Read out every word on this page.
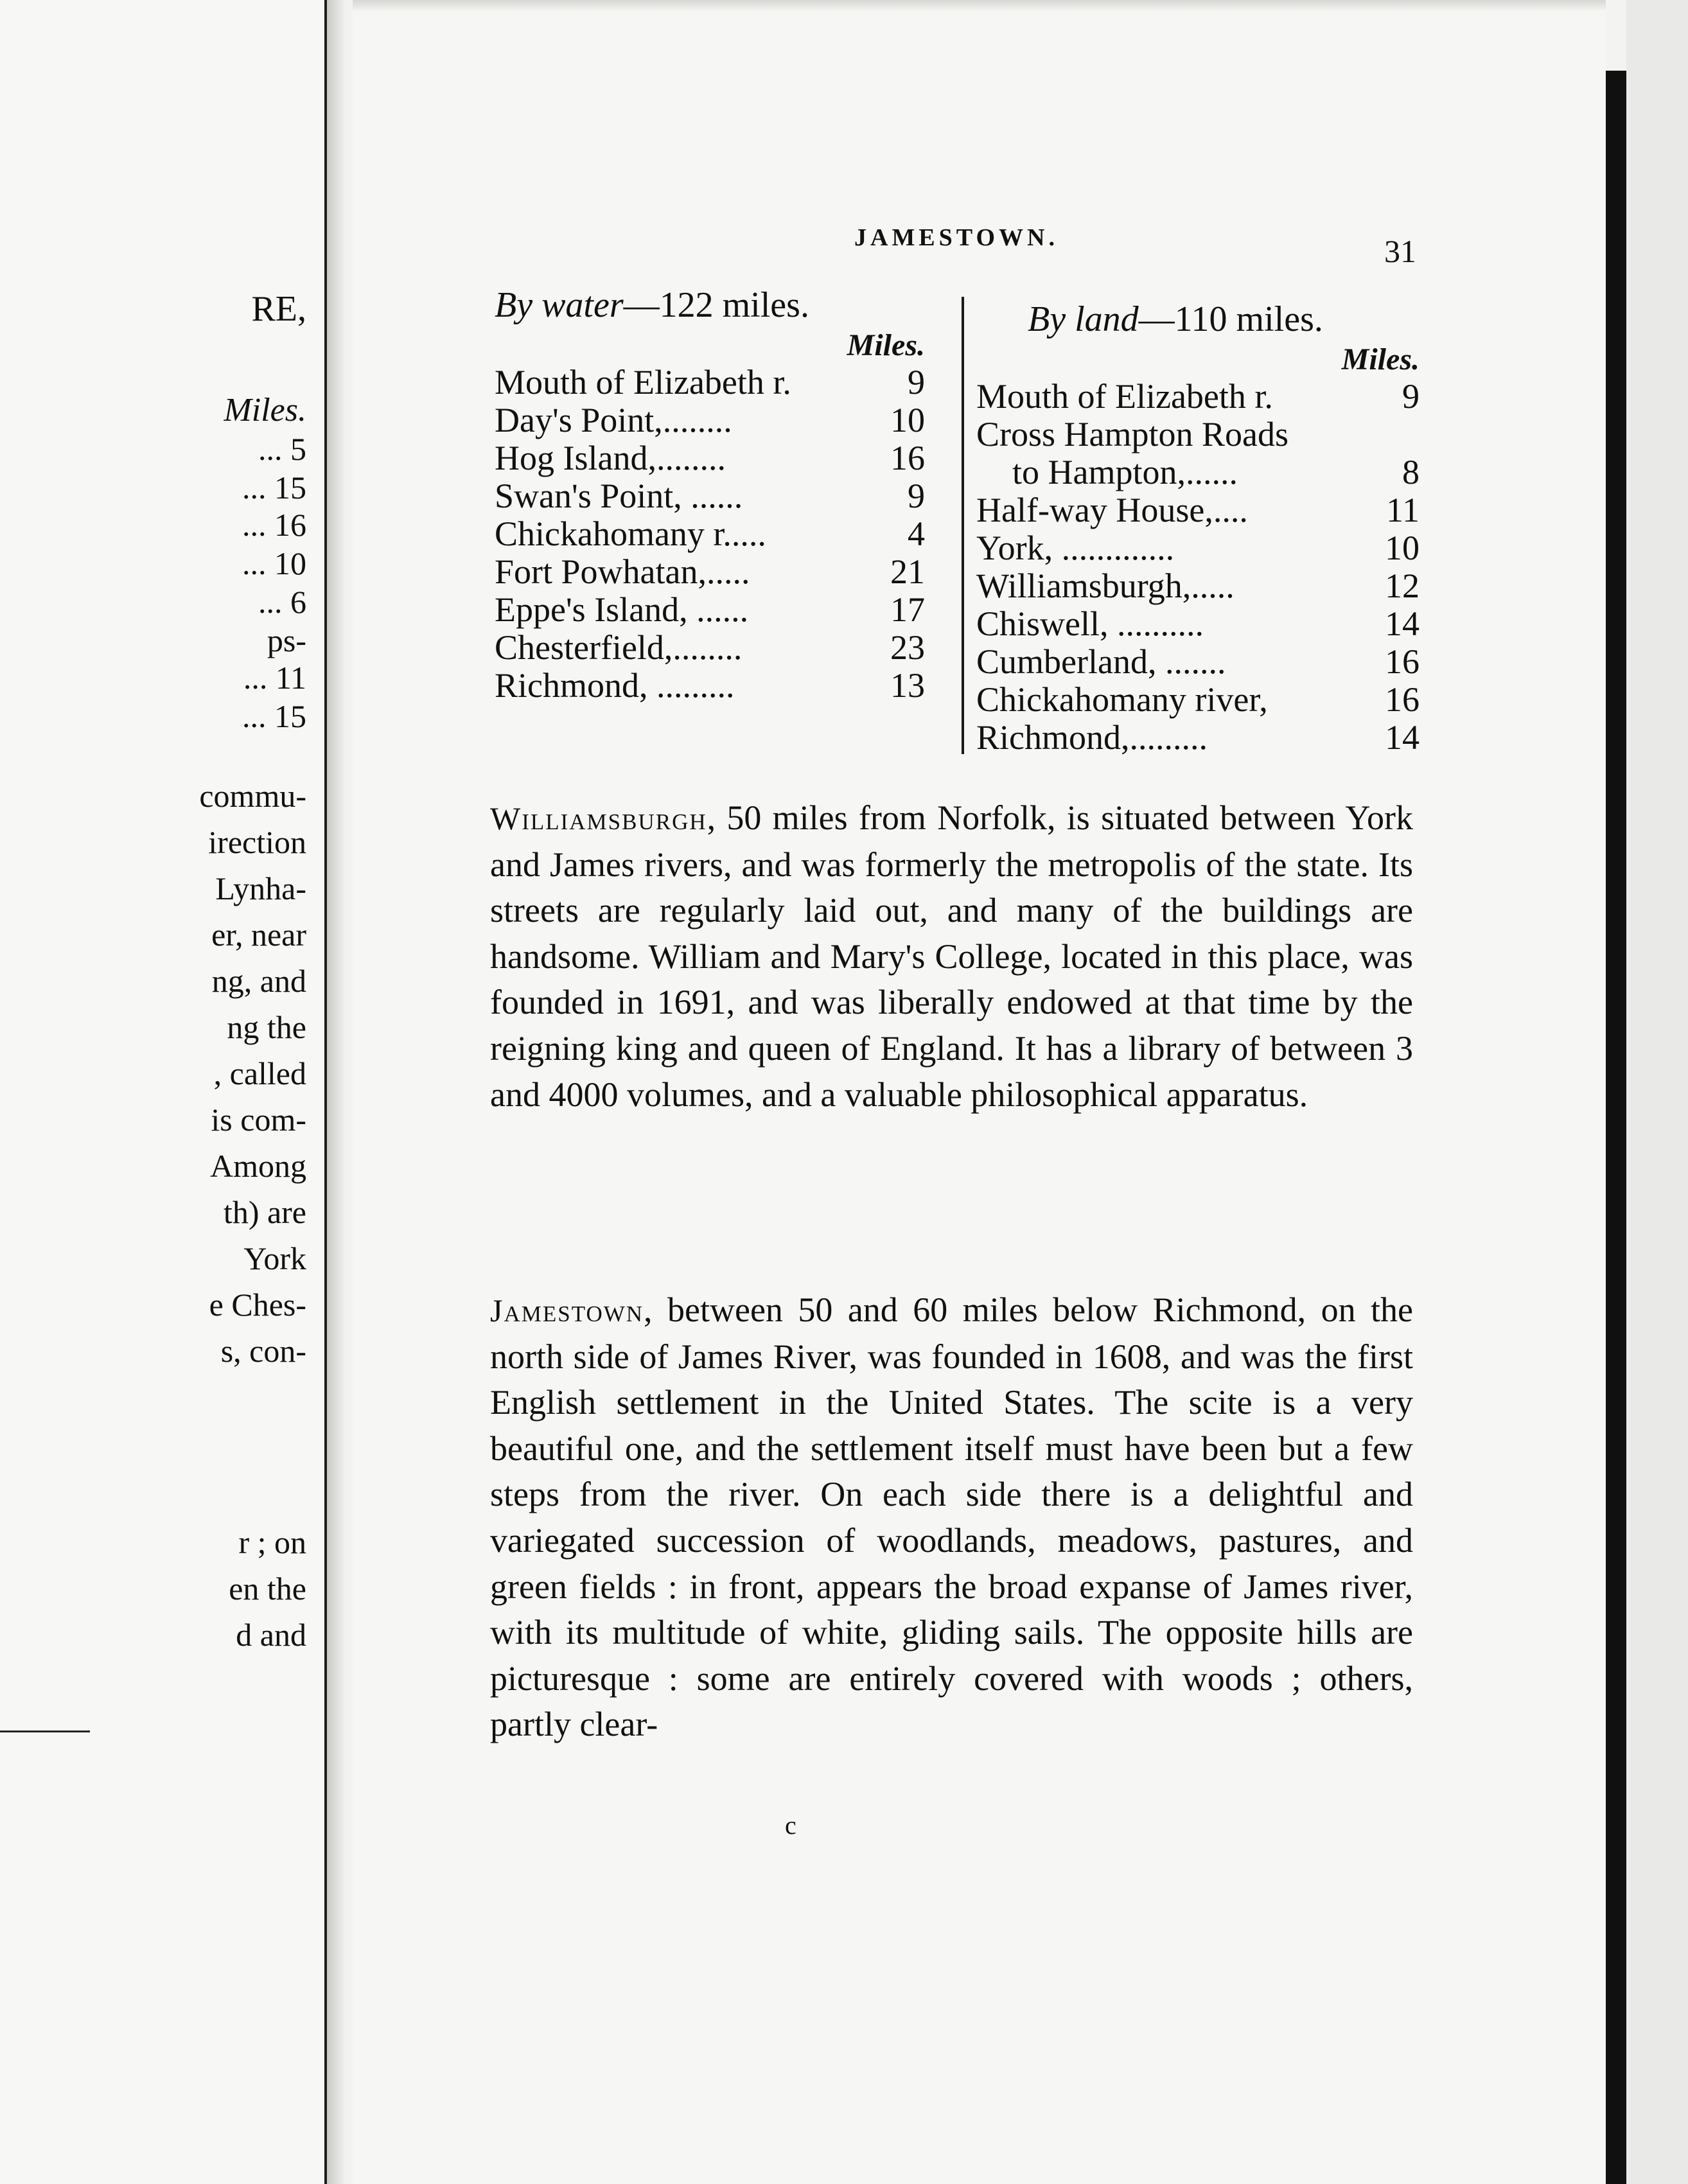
RE,
Miles.
... 5
... 15
... 16
... 10
... 6
ps-
... 11
... 15
commu-
irection
Lynha-
er, near
ng, and
ng the
, called
is com-
Among
th) are
York
e Ches-
s, con-
r ; on
en the
d and
JAMESTOWN.	31
By water—122 miles.
Miles.
Mouth of Elizabeth r.	9
Day's Point,........	10
Hog Island,........	16
Swan's Point, ......	9
Chickahomany r.....	4
Fort Powhatan,.....	21
Eppe's Island, ......	17
Chesterfield,........	23
Richmond, .........	13
By land—110 miles.
Miles.
Mouth of Elizabeth r.	9
Cross Hampton Roads
to Hampton,......	8
Half-way House,....	11
York, .............	10
Williamsburgh,.....	12
Chiswell, ..........	14
Cumberland, .......	16
Chickahomany river,	16
Richmond,.........	14

Williamsburgh, 50 miles from Norfolk, is situated between York and James rivers, and was formerly the metropolis of the state. Its streets are regularly laid out, and many of the buildings are handsome. William and Mary's College, located in this place, was founded in 1691, and was liberally endowed at that time by the reigning king and queen of England. It has a library of between 3 and 4000 volumes, and a valuable philosophical apparatus.

Jamestown, between 50 and 60 miles below Richmond, on the north side of James River, was founded in 1608, and was the first English settlement in the United States. The scite is a very beautiful one, and the settlement itself must have been but a few steps from the river. On each side there is a delightful and variegated succession of woodlands, meadows, pastures, and green fields : in front, appears the broad expanse of James river, with its multitude of white, gliding sails. The opposite hills are picturesque : some are entirely covered with woods ; others, partly clear-

c
